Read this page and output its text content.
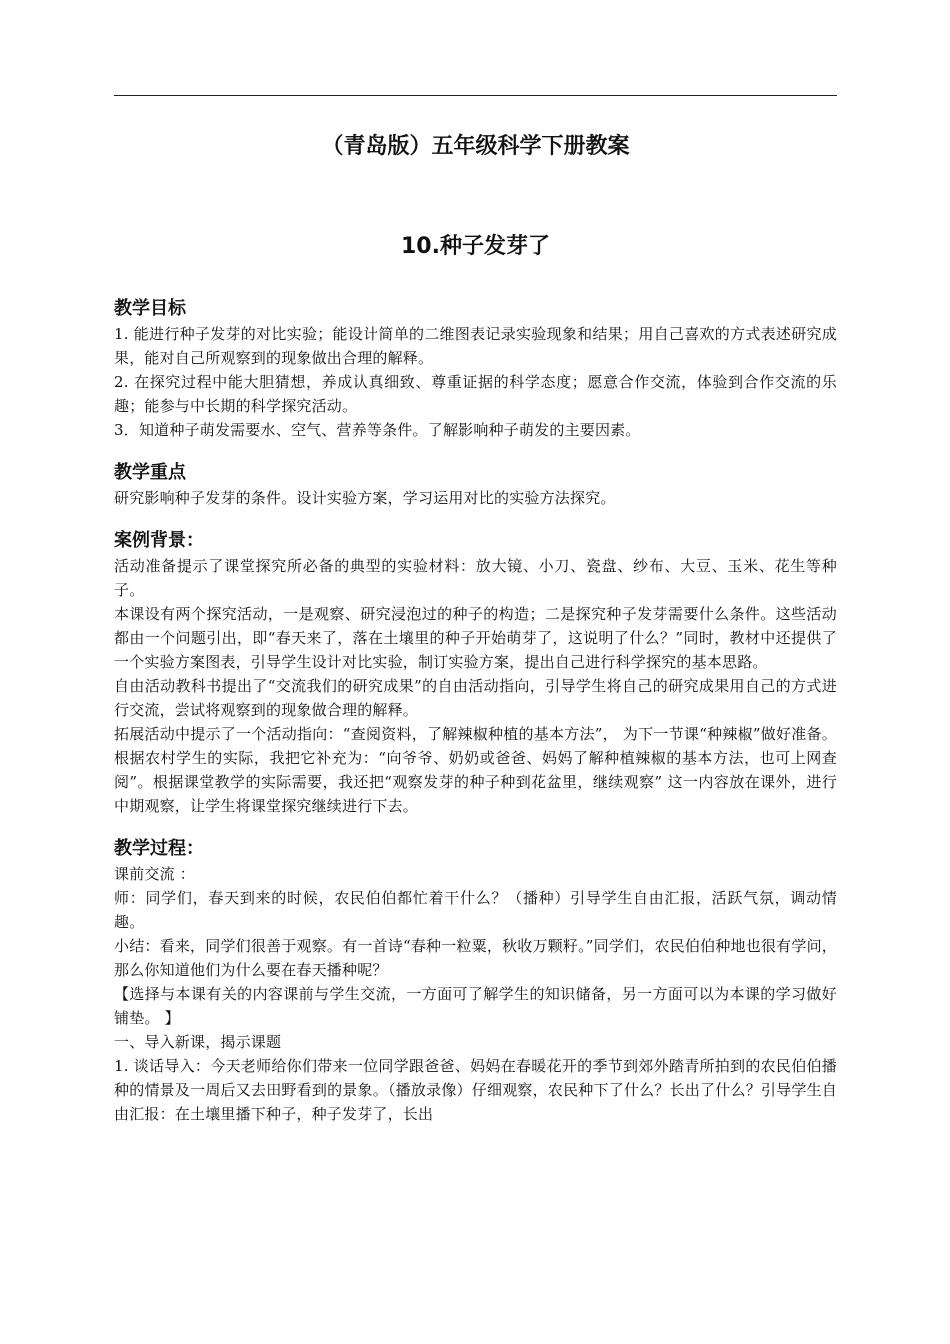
（青岛版）五年级科学下册教案
10.种子发芽了
教学目标

1. 能进行种子发芽的对比实验；能设计简单的二维图表记录实验现象和结果；用自己喜欢的方式表述研究成果，能对自己所观察到的现象做出合理的解释。

2. 在探究过程中能大胆猜想，养成认真细致、尊重证据的科学态度；愿意合作交流，体验到合作交流的乐趣；能参与中长期的科学探究活动。

3．知道种子萌发需要水、空气、营养等条件。了解影响种子萌发的主要因素。

教学重点

研究影响种子发芽的条件。设计实验方案，学习运用对比的实验方法探究。

案例背景：

活动准备提示了课堂探究所必备的典型的实验材料：放大镜、小刀、瓷盘、纱布、大豆、玉米、花生等种子。

本课设有两个探究活动，一是观察、研究浸泡过的种子的构造；二是探究种子发芽需要什么条件。这些活动都由一个问题引出，即“春天来了，落在土壤里的种子开始萌芽了，这说明了什么？”同时，教材中还提供了一个实验方案图表，引导学生设计对比实验，制订实验方案，提出自己进行科学探究的基本思路。

自由活动教科书提出了“交流我们的研究成果”的自由活动指向，引导学生将自己的研究成果用自己的方式进行交流，尝试将观察到的现象做合理的解释。

拓展活动中提示了一个活动指向：“查阅资料，了解辣椒种植的基本方法”， 为下一节课“种辣椒”做好准备。根据农村学生的实际，我把它补充为：“向爷爷、奶奶或爸爸、妈妈了解种植辣椒的基本方法，也可上网查阅”。根据课堂教学的实际需要，我还把“观察发芽的种子种到花盆里，继续观察” 这一内容放在课外，进行中期观察，让学生将课堂探究继续进行下去。

教学过程：

课前交流 ：

师：同学们，春天到来的时候，农民伯伯都忙着干什么？（播种）引导学生自由汇报，活跃气氛，调动情趣。

小结：看来，同学们很善于观察。有一首诗“春种一粒粟，秋收万颗籽。”同学们，农民伯伯种地也很有学问，那么你知道他们为什么要在春天播种呢？

【选择与本课有关的内容课前与学生交流，一方面可了解学生的知识储备，另一方面可以为本课的学习做好铺垫。 】

一、导入新课，揭示课题

1. 谈话导入：今天老师给你们带来一位同学跟爸爸、妈妈在春暖花开的季节到郊外踏青所拍到的农民伯伯播种的情景及一周后又去田野看到的景象。（播放录像）仔细观察，农民种下了什么？长出了什么？引导学生自由汇报：在土壤里播下种子，种子发芽了，长出
